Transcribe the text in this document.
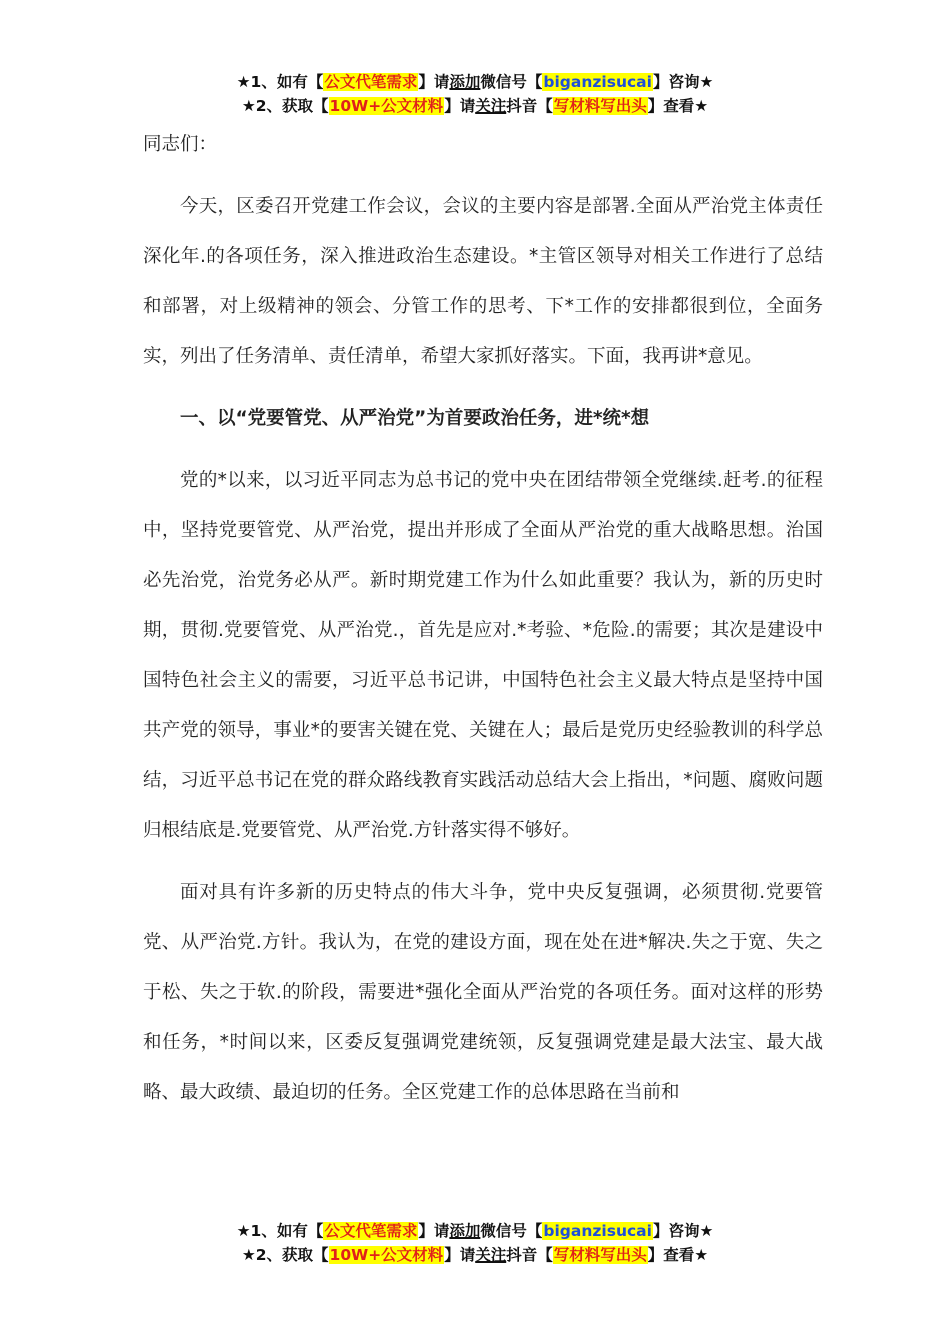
★1、如有【公文代笔需求】请添加微信号【biganzisucai】咨询★
★2、获取【10W+公文材料】请关注抖音【写材料写出头】查看★

同志们：

今天，区委召开党建工作会议，会议的主要内容是部署.全面从严治党主体责任深化年.的各项任务，深入推进政治生态建设。*主管区领导对相关工作进行了总结和部署，对上级精神的领会、分管工作的思考、下*工作的安排都很到位，全面务实，列出了任务清单、责任清单，希望大家抓好落实。下面，我再讲*意见。

一、以“党要管党、从严治党”为首要政治任务，进*统*想

党的*以来，以习近平同志为总书记的党中央在团结带领全党继续.赶考.的征程中，坚持党要管党、从严治党，提出并形成了全面从严治党的重大战略思想。治国必先治党，治党务必从严。新时期党建工作为什么如此重要？我认为，新的历史时期，贯彻.党要管党、从严治党.，首先是应对.*考验、*危险.的需要；其次是建设中国特色社会主义的需要，习近平总书记讲，中国特色社会主义最大特点是坚持中国共产党的领导，事业*的要害关键在党、关键在人；最后是党历史经验教训的科学总结，习近平总书记在党的群众路线教育实践活动总结大会上指出，*问题、腐败问题归根结底是.党要管党、从严治党.方针落实得不够好。

面对具有许多新的历史特点的伟大斗争，党中央反复强调，必须贯彻.党要管党、从严治党.方针。我认为，在党的建设方面，现在处在进*解决.失之于宽、失之于松、失之于软.的阶段，需要进*强化全面从严治党的各项任务。面对这样的形势和任务，*时间以来，区委反复强调党建统领，反复强调党建是最大法宝、最大战略、最大政绩、最迫切的任务。全区党建工作的总体思路在当前和

★1、如有【公文代笔需求】请添加微信号【biganzisucai】咨询★
★2、获取【10W+公文材料】请关注抖音【写材料写出头】查看★
